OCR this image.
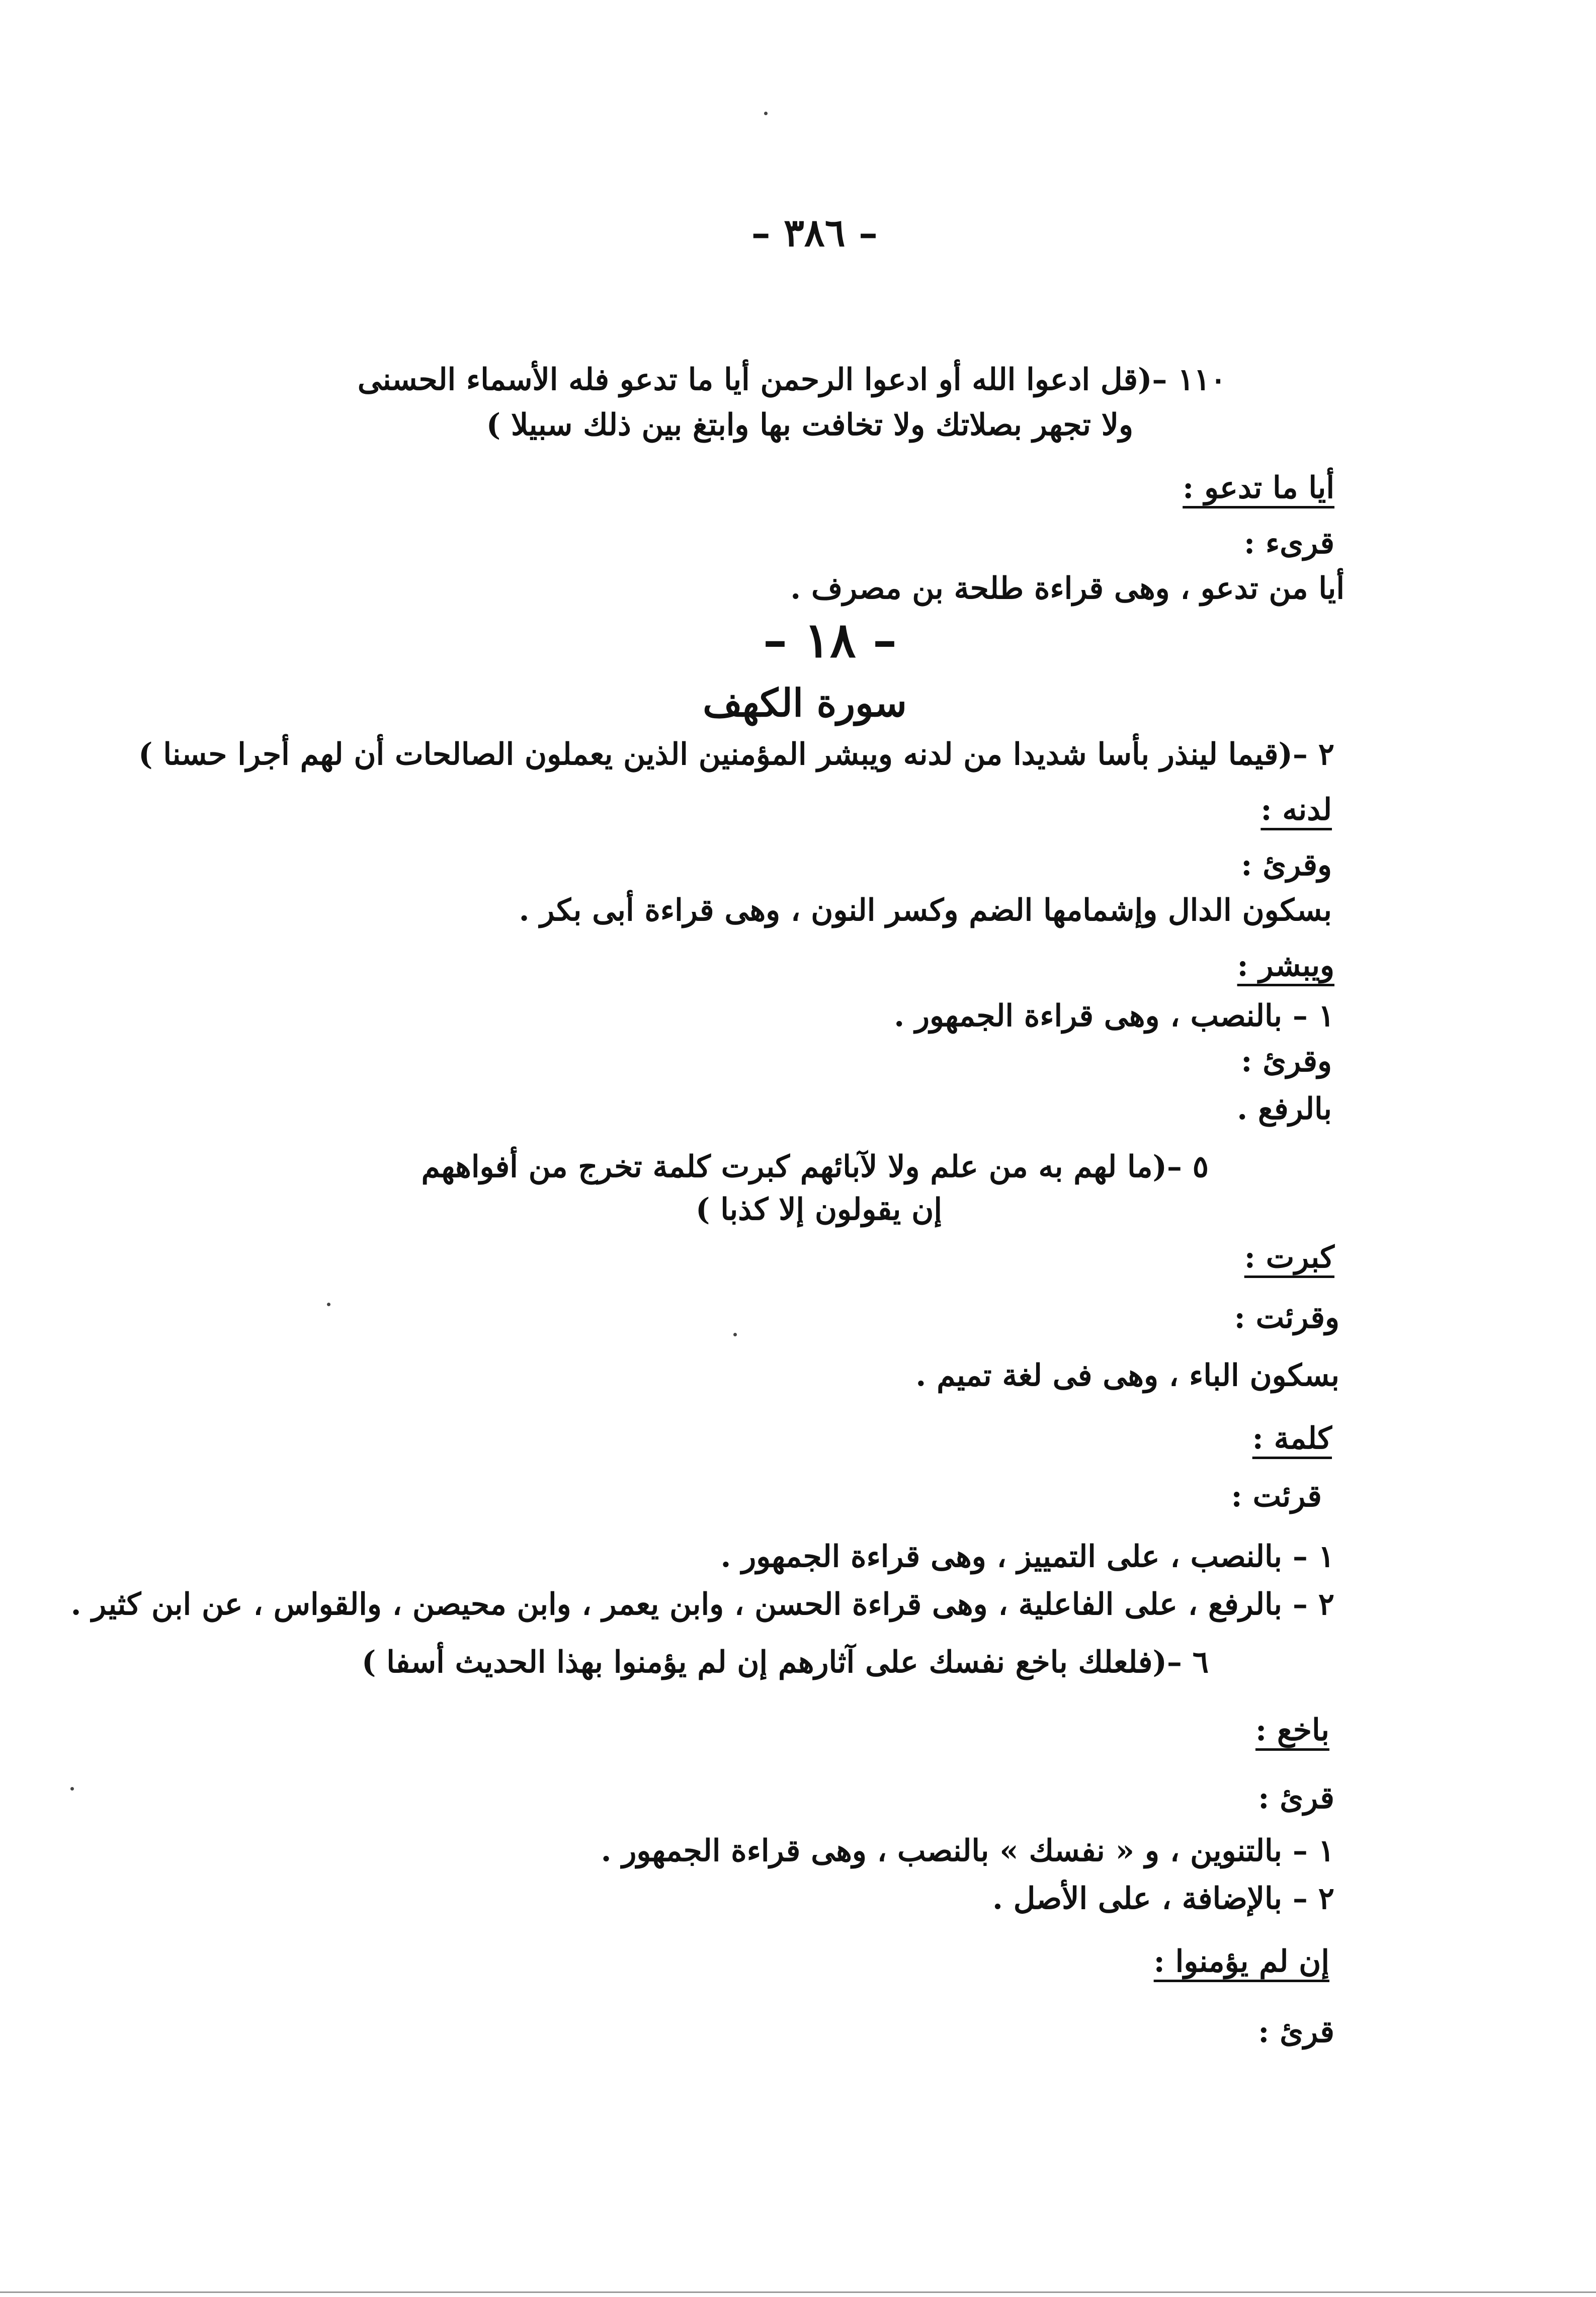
– ٣٨٦ –
١١٠ –(قل ادعوا الله أو ادعوا الرحمن أيا ما تدعو فله الأسماء الحسنى
ولا تجهر بصلاتك ولا تخافت بها وابتغ بين ذلك سبيلا )
أيا ما تدعو :
قرىء :
أيا من تدعو ، وهى قراءة طلحة بن مصرف .
– ١٨ –
سورة الكهف
٢ –(قيما لينذر بأسا شديدا من لدنه ويبشر المؤمنين الذين يعملون الصالحات أن لهم أجرا حسنا )
لدنه :
وقرئ :
بسكون الدال وإشمامها الضم وكسر النون ، وهى قراءة أبى بكر .
ويبشر :
١ – بالنصب ، وهى قراءة الجمهور .
وقرئ :
بالرفع .
٥ –(ما لهم به من علم ولا لآبائهم كبرت كلمة تخرج من أفواههم
إن يقولون إلا كذبا )
كبرت :
وقرئت :
بسكون الباء ، وهى فى لغة تميم .
كلمة :
قرئت :
١ – بالنصب ، على التمييز ، وهى قراءة الجمهور .
٢ – بالرفع ، على الفاعلية ، وهى قراءة الحسن ، وابن يعمر ، وابن محيصن ، والقواس ، عن ابن كثير .
٦ –(فلعلك باخع نفسك على آثارهم إن لم يؤمنوا بهذا الحديث أسفا )
باخع :
قرئ :
١ – بالتنوين ، و « نفسك » بالنصب ، وهى قراءة الجمهور .
٢ – بالإضافة ، على الأصل .
إن لم يؤمنوا :
قرئ :
